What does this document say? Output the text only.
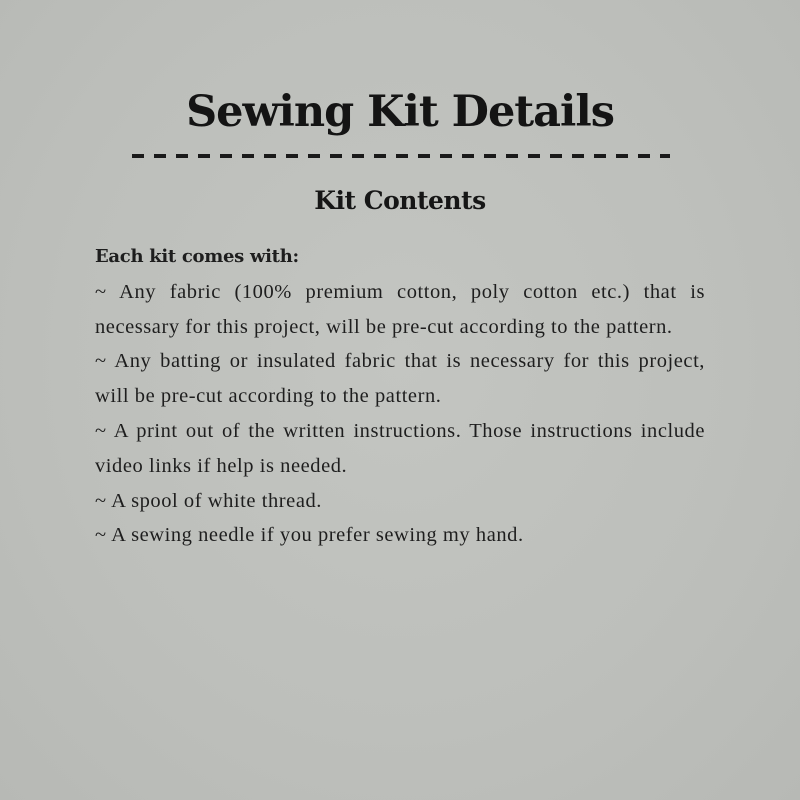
Sewing Kit Details
Kit Contents
Each kit comes with:

~ Any fabric (100% premium cotton, poly cotton etc.) that is necessary for this project, will be pre-cut according to the pattern.

~ Any batting or insulated fabric that is necessary for this project, will be pre-cut according to the pattern.

~ A print out of the written instructions. Those instructions include video links if help is needed.

~ A spool of white thread.

~ A sewing needle if you prefer sewing my hand.
